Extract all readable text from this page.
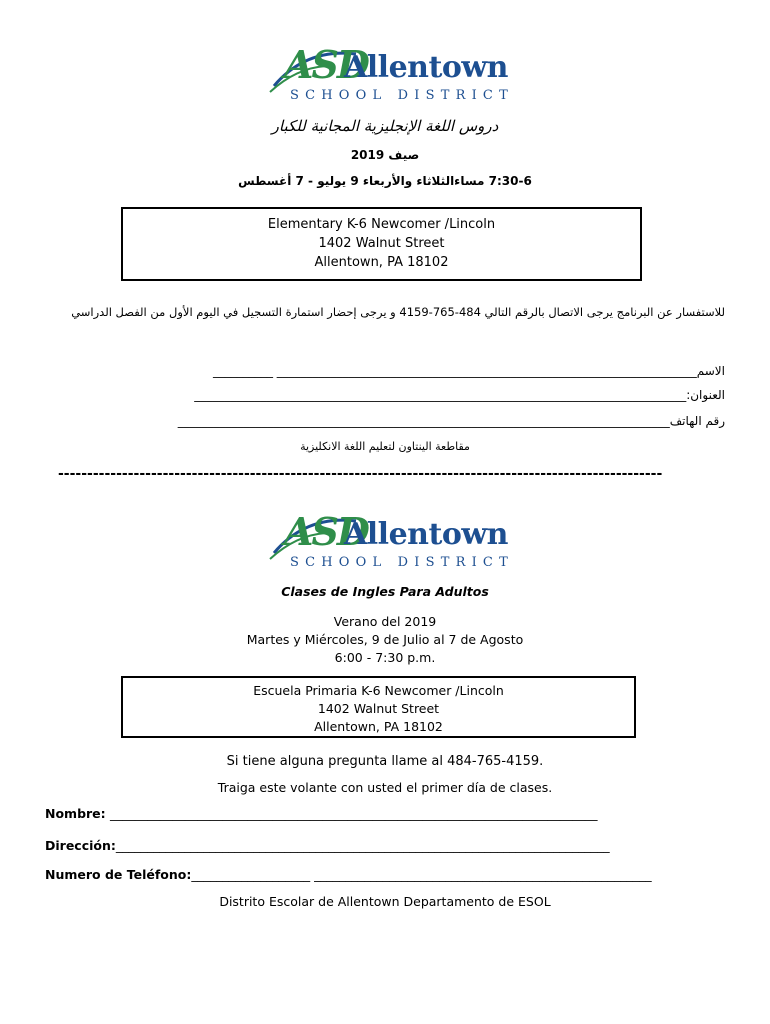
ASD
Allentown
SCHOOL DISTRICT
دروس اللغة الإنجليزية المجانية للكبار
صيف 2019
7:30-6 مساءالثلاثاء والأربعاء 9 يوليو - 7 أغسطس
Elementary K-6 Newcomer /Lincoln
1402 Walnut Street
Allentown, PA 18102
للاستفسار عن البرنامج يرجى الاتصال بالرقم التالي 484-765-4159 و يرجى إحضار استمارة التسجيل في اليوم الأول من الفصل الدراسي
الاسم______________________________________________________________________ __________
العنوان:__________________________________________________________________________________
رقم الهاتف__________________________________________________________________________________
مقاطعة الينتاون لتعليم اللغة الانكليزية
--------------------------------------------------------------------------------------------------------
ASD
Allentown
SCHOOL DISTRICT
Clases de Ingles Para Adultos
Verano del 2019
Martes y Miércoles, 9 de Julio al 7 de Agosto
6:00 - 7:30 p.m.
Escuela Primaria K-6 Newcomer /Lincoln
1402 Walnut Street
Allentown, PA 18102
Si tiene alguna pregunta llame al 484-765-4159.
Traiga este volante con usted el primer día de clases.
Nombre: ______________________________________________________________________________
Dirección:_______________________________________________________________________________
Numero de Teléfono:___________________ ______________________________________________________
Distrito Escolar de Allentown Departamento de ESOL
